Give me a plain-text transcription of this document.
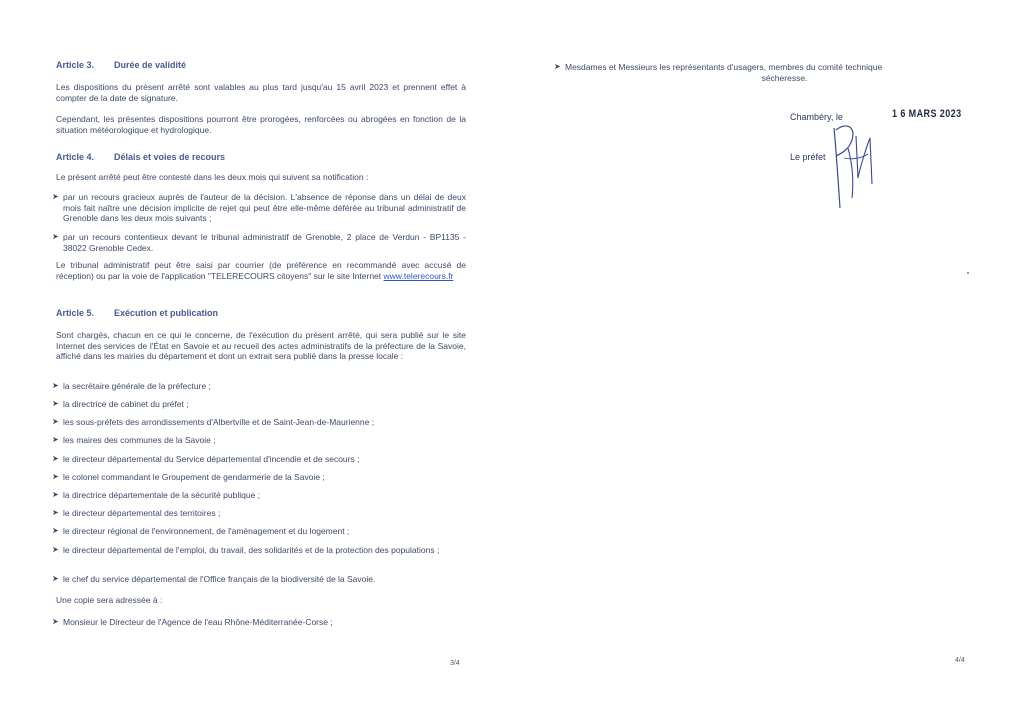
Article 3.	Durée de validité
Les dispositions du présent arrêté sont valables au plus tard jusqu'au 15 avril 2023 et prennent effet à compter de la date de signature.
Cependant, les présentes dispositions pourront être prorogées, renforcées ou abrogées en fonction de la situation météorologique et hydrologique.
Article 4.	Délais et voies de recours
Le présent arrêté peut être contesté dans les deux mois qui suivent sa notification :
➤ par un recours gracieux auprès de l'auteur de la décision. L'absence de réponse dans un délai de deux mois fait naître une décision implicite de rejet qui peut être elle-même déférée au tribunal administratif de Grenoble dans les deux mois suivants ;
➤ par un recours contentieux devant le tribunal administratif de Grenoble, 2 place de Verdun - BP1135 - 38022 Grenoble Cedex.
Le tribunal administratif peut être saisi par courrier (de préférence en recommandé avec accusé de réception) ou par la voie de l'application "TELERECOURS citoyens" sur le site Internet www.telerecours.fr
Article 5.	Exécution et publication
Sont chargés, chacun en ce qui le concerne, de l'exécution du présent arrêté, qui sera publié sur le site Internet des services de l'État en Savoie et au recueil des actes administratifs de la préfecture de la Savoie, affiché dans les mairies du département et dont un extrait sera publié dans la presse locale :
➤ la secrétaire générale de la préfecture ;
➤ la directrice de cabinet du préfet ;
➤ les sous-préfets des arrondissements d'Albertville et de Saint-Jean-de-Maurienne ;
➤ les maires des communes de la Savoie ;
➤ le directeur départemental du Service départemental d'incendie et de secours ;
➤ le colonel commandant le Groupement de gendarmerie de la Savoie ;
➤ la directrice départementale de la sécurité publique ;
➤ le directeur départemental des territoires ;
➤ le directeur régional de l'environnement, de l'aménagement et du logement ;
➤ le directeur départemental de l'emploi, du travail, des solidarités et de la protection des populations ;
➤ le chef du service départemental de l'Office français de la biodiversité de la Savoie.
Une copie sera adressée à :
➤ Monsieur le Directeur de l'Agence de l'eau Rhône-Méditerranée-Corse ;
3/4
➤ Mesdames et Messieurs les représentants d'usagers, membres du comité technique
sécheresse.
Chambéry, le	1 6 MARS 2023
Le préfet
4/4
